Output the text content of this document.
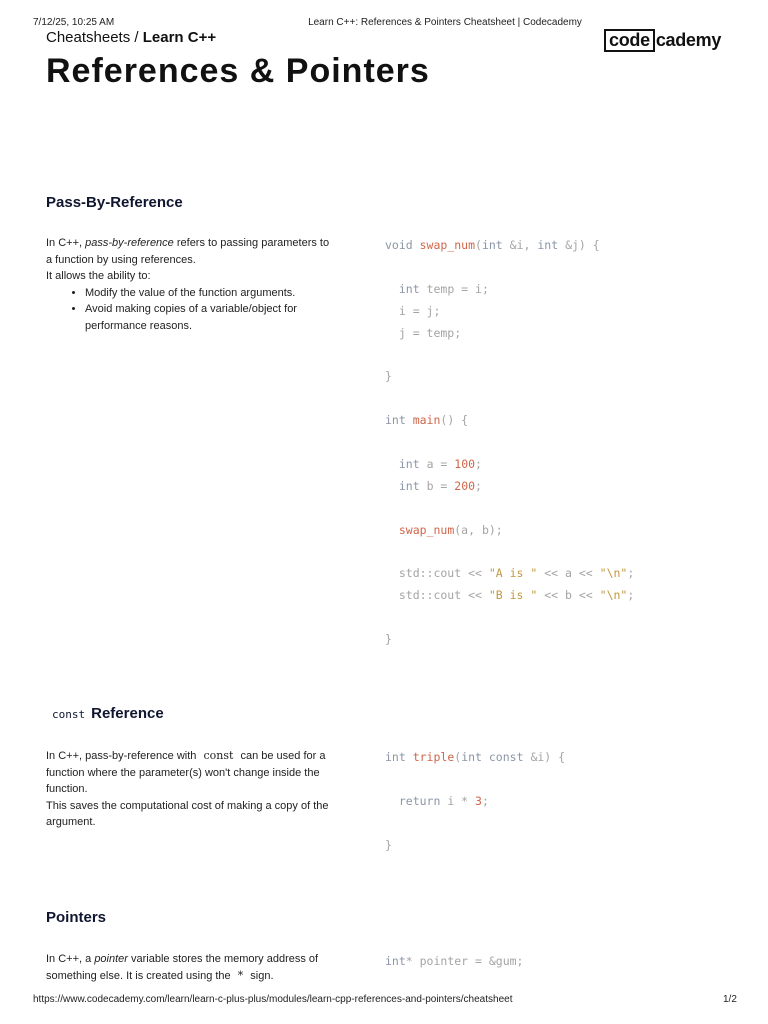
7/12/25, 10:25 AM	Learn C++: References & Pointers Cheatsheet | Codecademy
Cheatsheets / Learn C++	code cademy
References & Pointers
Pass-By-Reference

In C++, pass-by-reference refers to passing parameters to a function by using references.

It allows the ability to:

• Modify the value of the function arguments.
• Avoid making copies of a variable/object for performance reasons.
void swap_num(int &i, int &j) {
int temp = i;
i = j;
j = temp;
}
int main() {
int a = 100;
int b = 200;
swap_num(a, b);
std::cout << "A is " << a << "\n";
std::cout << "B is " << b << "\n";
}
const Reference

In C++, pass-by-reference with const can be used for a function where the parameter(s) won't change inside the function.

This saves the computational cost of making a copy of the argument.

int triple(int const &i) {
return i * 3;
}
Pointers

In C++, a pointer variable stores the memory address of something else. It is created using the * sign.

int* pointer = &gum;
https://www.codecademy.com/learn/learn-c-plus-plus/modules/learn-cpp-references-and-pointers/cheatsheet	1/2
